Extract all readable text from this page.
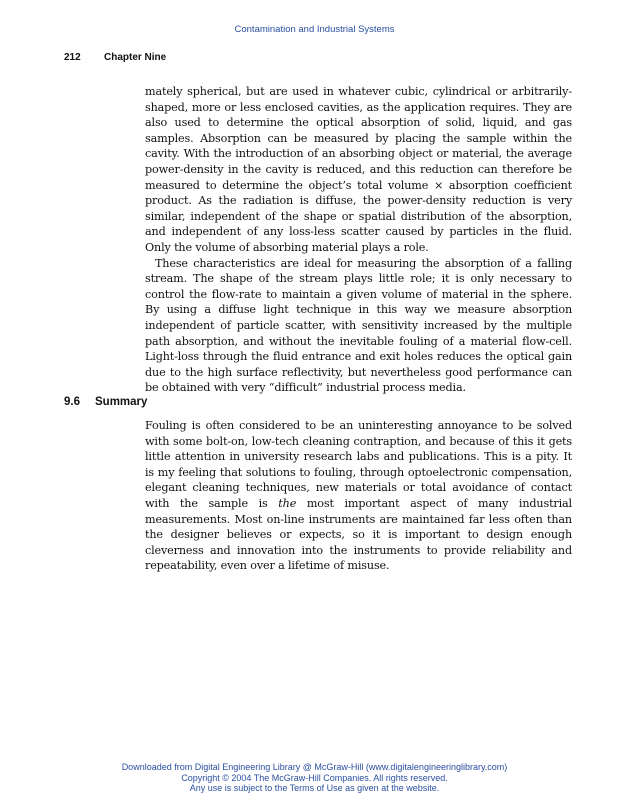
Contamination and Industrial Systems
212 Chapter Nine

mately spherical, but are used in whatever cubic, cylindrical or arbitrarily-shaped, more or less enclosed cavities, as the application requires. They are also used to determine the optical absorption of solid, liquid, and gas samples. Absorption can be measured by placing the sample within the cavity. With the introduction of an absorbing object or material, the average power-density in the cavity is reduced, and this reduction can therefore be measured to determine the object’s total volume × absorption coefficient product. As the radiation is diffuse, the power-density reduction is very similar, independent of the shape or spatial distribution of the absorption, and independent of any loss-less scatter caused by particles in the fluid. Only the volume of absorbing material plays a role.

These characteristics are ideal for measuring the absorption of a falling stream. The shape of the stream plays little role; it is only necessary to control the flow-rate to maintain a given volume of material in the sphere. By using a diffuse light technique in this way we measure absorption independent of particle scatter, with sensitivity increased by the multiple path absorption, and without the inevitable fouling of a material flow-cell. Light-loss through the fluid entrance and exit holes reduces the optical gain due to the high surface reflectivity, but nevertheless good performance can be obtained with very “difficult” industrial process media.

9.6 Summary

Fouling is often considered to be an uninteresting annoyance to be solved with some bolt-on, low-tech cleaning contraption, and because of this it gets little attention in university research labs and publications. This is a pity. It is my feeling that solutions to fouling, through optoelectronic compensation, elegant cleaning techniques, new materials or total avoidance of contact with the sample is the most important aspect of many industrial measurements. Most on-line instruments are maintained far less often than the designer believes or expects, so it is important to design enough cleverness and innovation into the instruments to provide reliability and repeatability, even over a lifetime of misuse.

Downloaded from Digital Engineering Library @ McGraw-Hill (www.digitalengineeringlibrary.com)
Copyright © 2004 The McGraw-Hill Companies. All rights reserved.
Any use is subject to the Terms of Use as given at the website.
